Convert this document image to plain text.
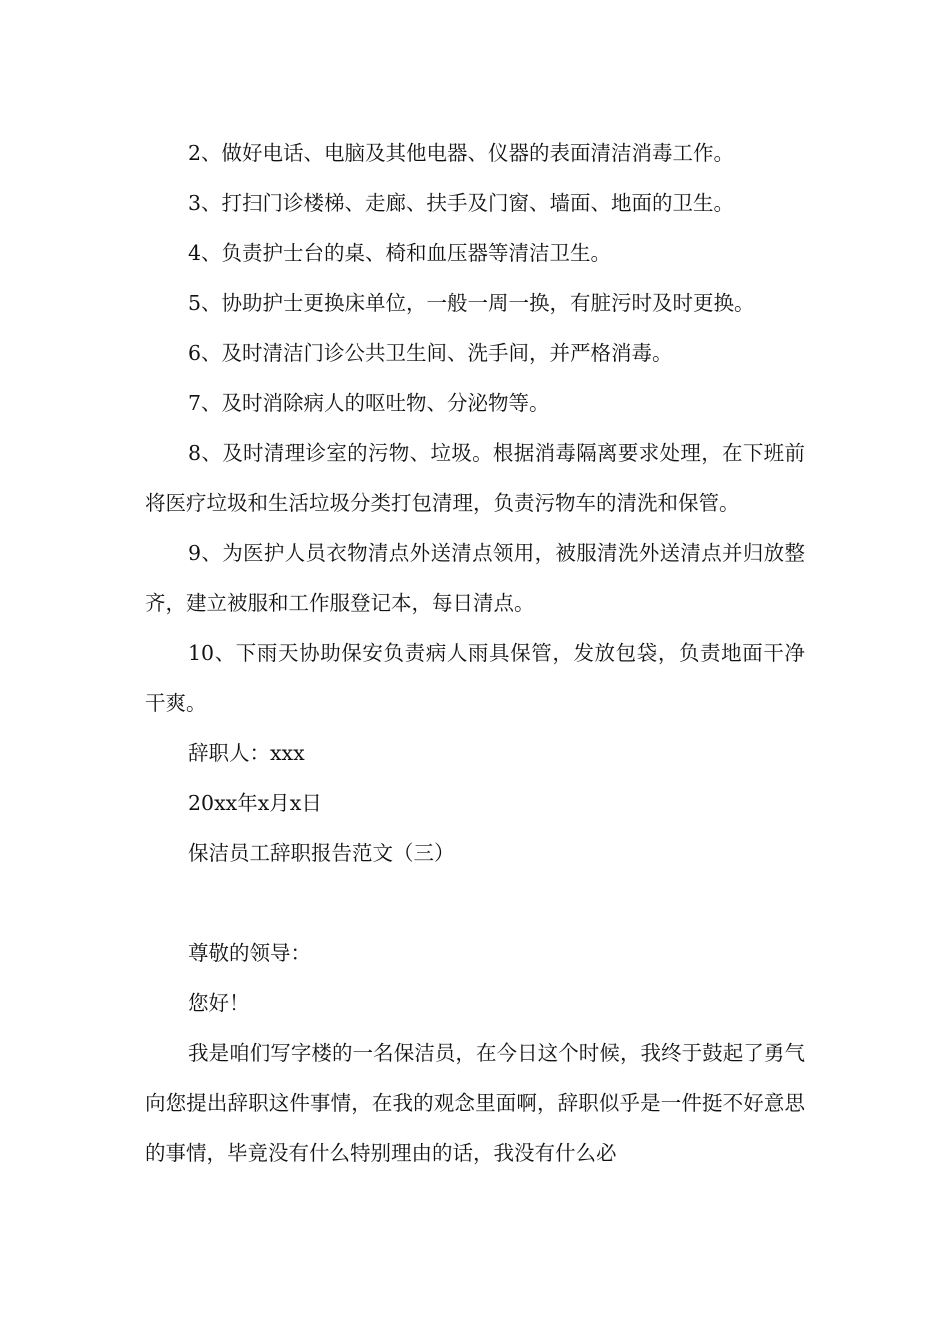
2、做好电话、电脑及其他电器、仪器的表面清洁消毒工作。

3、打扫门诊楼梯、走廊、扶手及门窗、墙面、地面的卫生。

4、负责护士台的桌、椅和血压器等清洁卫生。

5、协助护士更换床单位，一般一周一换，有脏污时及时更换。

6、及时清洁门诊公共卫生间、洗手间，并严格消毒。

7、及时消除病人的呕吐物、分泌物等。

8、及时清理诊室的污物、垃圾。根据消毒隔离要求处理，在下班前将医疗垃圾和生活垃圾分类打包清理，负责污物车的清洗和保管。

9、为医护人员衣物清点外送清点领用，被服清洗外送清点并归放整齐，建立被服和工作服登记本，每日清点。

10、下雨天协助保安负责病人雨具保管，发放包袋，负责地面干净干爽。

辞职人：xxx

20xx年x月x日

保洁员工辞职报告范文（三）

尊敬的领导：

您好！

我是咱们写字楼的一名保洁员，在今日这个时候，我终于鼓起了勇气向您提出辞职这件事情，在我的观念里面啊，辞职似乎是一件挺不好意思的事情，毕竟没有什么特别理由的话，我没有什么必
